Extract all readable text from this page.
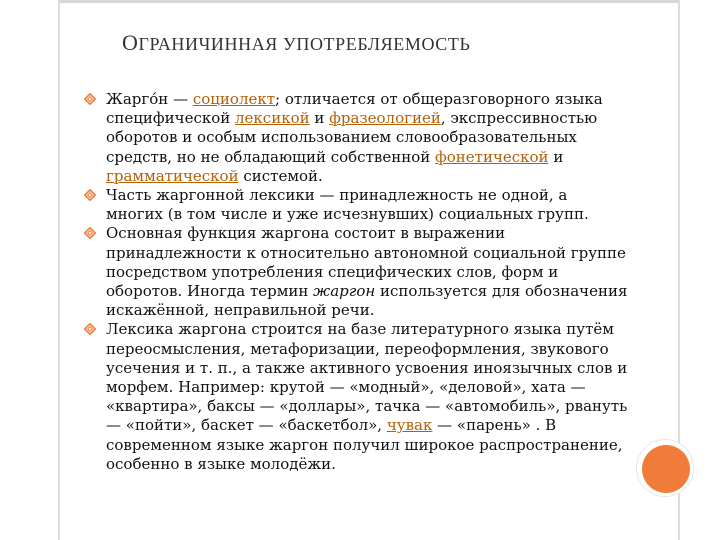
ОГРАНИЧИННАЯ УПОТРЕБЛЯЕМОСТЬ
Жарго́н — социолект; отличается от общеразговорного языка специфической лексикой и фразеологией, экспрессивностью оборотов и особым использованием словообразовательных средств, но не обладающий собственной фонетической и грамматической системой.
Часть жаргонной лексики — принадлежность не одной, а многих (в том числе и уже исчезнувших) социальных групп.
Основная функция жаргона состоит в выражении принадлежности к относительно автономной социальной группе посредством употребления специфических слов, форм и оборотов. Иногда термин жаргон используется для обозначения искажённой, неправильной речи.
Лексика жаргона строится на базе литературного языка путём переосмысления, метафоризации, переоформления, звукового усечения и т. п., а также активного усвоения иноязычных слов и морфем. Например: крутой — «модный», «деловой», хата — «квартира», баксы — «доллары», тачка — «автомобиль», рвануть — «пойти», баскет — «баскетбол», чувак — «парень» . В современном языке жаргон получил широкое распространение, особенно в языке молодёжи.
